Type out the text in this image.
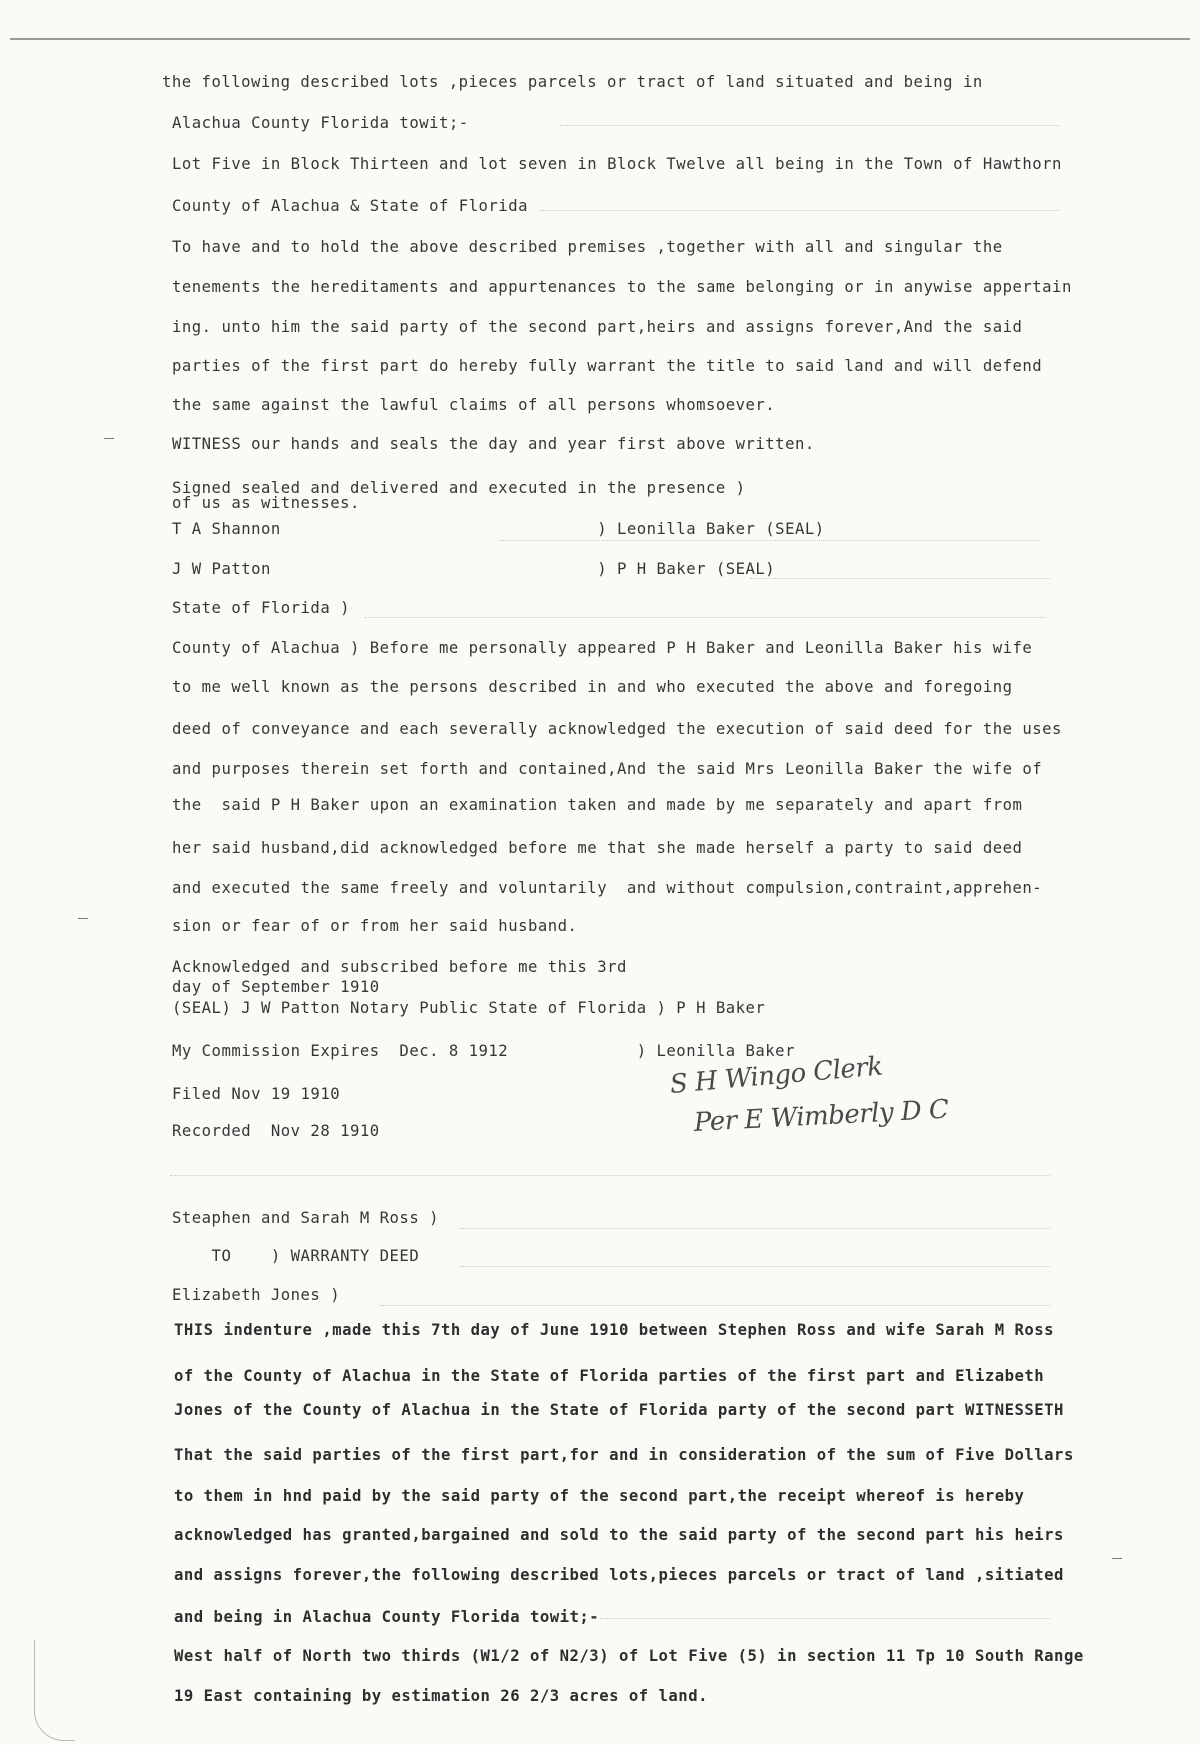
the following described lots ,pieces parcels or tract of land situated and being in
Alachua County Florida towit;-
Lot Five in Block Thirteen and lot seven in Block Twelve all being in the Town of Hawthorn
County of Alachua & State of Florida
To have and to hold the above described premises ,together with all and singular the
tenements the hereditaments and appurtenances to the same belonging or in anywise appertain
ing. unto him the said party of the second part,heirs and assigns forever,And the said
parties of the first part do hereby fully warrant the title to said land and will defend
the same against the lawful claims of all persons whomsoever.
WITNESS our hands and seals the day and year first above written.
Signed sealed and delivered and executed in the presence )
of us as witnesses.
T A Shannon                                ) Leonilla Baker (SEAL)
J W Patton                                 ) P H Baker (SEAL)
State of Florida )
County of Alachua ) Before me personally appeared P H Baker and Leonilla Baker his wife
to me well known as the persons described in and who executed the above and foregoing
deed of conveyance and each severally acknowledged the execution of said deed for the uses
and purposes therein set forth and contained,And the said Mrs Leonilla Baker the wife of
the  said P H Baker upon an examination taken and made by me separately and apart from
her said husband,did acknowledged before me that she made herself a party to said deed
and executed the same freely and voluntarily  and without compulsion,contraint,apprehen-
sion or fear of or from her said husband.
Acknowledged and subscribed before me this 3rd
day of September 1910
(SEAL) J W Patton Notary Public State of Florida ) P H Baker
My Commission Expires  Dec. 8 1912             ) Leonilla Baker
Filed Nov 19 1910
Recorded  Nov 28 1910
S H Wingo Clerk
Per E Wimberly D C
Steaphen and Sarah M Ross )
TO    ) WARRANTY DEED
Elizabeth Jones )
THIS indenture ,made this 7th day of June 1910 between Stephen Ross and wife Sarah M Ross
of the County of Alachua in the State of Florida parties of the first part and Elizabeth
Jones of the County of Alachua in the State of Florida party of the second part WITNESSETH
That the said parties of the first part,for and in consideration of the sum of Five Dollars
to them in hnd paid by the said party of the second part,the receipt whereof is hereby
acknowledged has granted,bargained and sold to the said party of the second part his heirs
and assigns forever,the following described lots,pieces parcels or tract of land ,sitiated
and being in Alachua County Florida towit;-
West half of North two thirds (W1/2 of N2/3) of Lot Five (5) in section 11 Tp 10 South Range
19 East containing by estimation 26 2/3 acres of land.
